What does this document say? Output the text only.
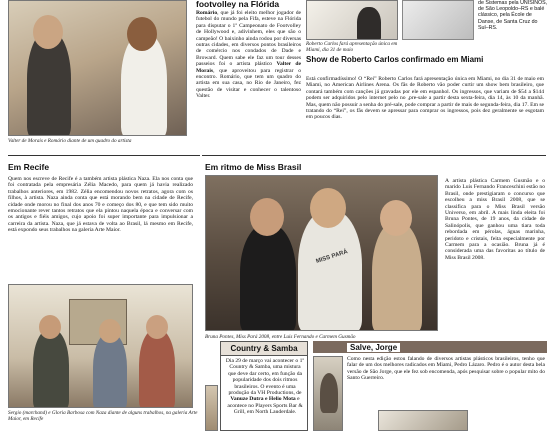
Valter de Morais e Romário diante de um quadro do artista
footvolley na Flórida
Romário, que já foi eleito melhor jogador de futebol do mundo pela Fifa, esteve na Flórida para disputar o 1º Campeonato de Footvolley de Hollywood e, adivinhem, eles que são o campeão! O baixinho ainda rodou por diversas outras cidades, em diversos pontos brasileiros de comércio nos condados de Dade e Broward. Quem sabe ele faz um tour desses passeios foi o artista plástico Valter de Morais, que aproveitou para registrar o encontro. Romário, que tem um quadro do artista em sua casa, no Rio de Janeiro, fez questão de visitar e conhecer o talentoso Valter.
Roberto Carlos fará apresentação única em Miami, dia 31 de maio
de Sistemas pela UNISINOS, de São Leopoldo–RS e balé clássico, pela École de Danse, de Santa Cruz do Sul–RS.
Show de Roberto Carlos confirmado em Miami
Está confirmadíssimo! O “Rei” Roberto Carlos fará apresentação única em Miami, no dia 31 de maio em Miami, no American Airlines Arena. Os fãs de Roberto vão poder curtir um show bem brasileiro, que contará também com canções já gravadas por ele em espanhol. Os ingressos, que variam de $54 a $144 podem ser adquiridos pelo internet pelo no ,pre-sale a partir desta sexta-feira, dia 14, às 10 da manhã. Mas, quem não possuir a senha do pré-sale, pode comprar a partir de mais de segunda-feira, dia 17. Em se tratando do “Rei”, os fãs devem se apressar para comprar os ingressos, pois dez geralmente se esgotam em poucos dias.
Em Recife
Quem nos escreve de Recife é a também artista plástica Naza. Ela nos conta que foi contratada pela empresária Zélia Macedo, para quem já havia realizado trabalhos anteriores, em 1982. Zélia encomendou novos retratos, agora com os filhos, à artista. Naza ainda conta que está morando bem na cidade de Recife, cidade onde morou no final dos anos 70 e começo dos 80, e que tem sido muito emocionante rever tantos retratos que ela pintou naquela época e conversar com os antigos e fiéis amigos, cujo apoio foi super importante para impulsionar a carreira da artista. Naza, que já estava de volta ao Brasil, lá mesmo em Recife, está expondo seus trabalhos na galeria Arte Maior.
Sergio (marchand) e Gloria Barbosa com Naza diante de alguns trabalhos, na galeria Arte Maior, em Recife
Em ritmo de Miss Brasil
MISS PARÁ
Bruna Pontes, Miss Pará 2008, entre Luis Fernando e Carmem Gusmão
A artista plástica Carmem Gusmão e o marido Luis Fernando Franceschini estão no Brasil, onde prestigiaram o concurso que escolheu a miss Brasil 2008, que se classifica para o Miss Brasil versão Universo, em abril. A mais linda eleita foi Bruna Pontes, de 19 anos, da cidade de Salinópolis, que ganhou uma tiara toda rebordada em pérolas, águas marinha, peridoto e cristais, feita especialmente por Carmem para a ocasião. Bruna já é considerada uma das favoritas ao título de Miss Brasil 2008.
Country & Samba
Dia 29 de março vai acontecer o 1º Country & Samba, uma mistura que deve dar certo, em função da popularidade dos dois ritmos brasileiros. O evento é uma produção da VH Productions, de Vanuze Dutra e Helio Mota e acontece no Players Sports Bar & Grill, em North Lauderdale.
Salve, Jorge
Como nesta edição estou falando de diversos artistas plásticos brasileiros, tenho que falar de um dos melhores radicados em Miami, Pedro Lázaro. Pedro é o autor desta bela versão de São Jorge, que ele fez sob encomenda, após pesquisar sobre o popular mito do Santo Guerreiro.
